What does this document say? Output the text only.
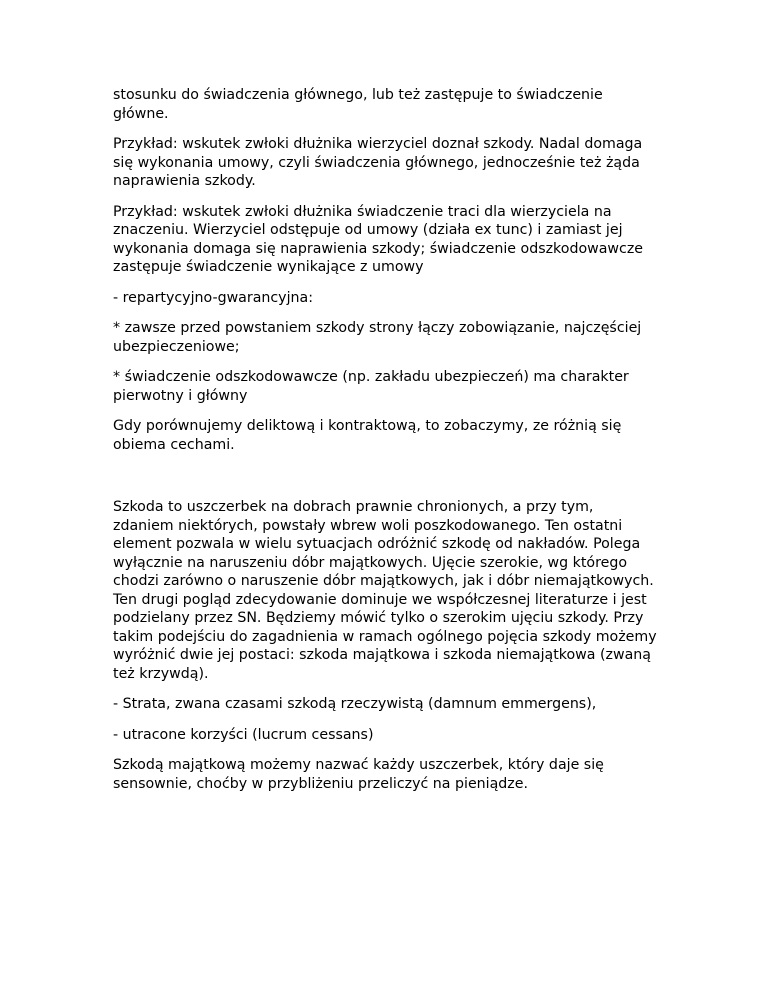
stosunku do świadczenia głównego, lub też zastępuje to świadczenie główne.

Przykład: wskutek zwłoki dłużnika wierzyciel doznał szkody. Nadal domaga się wykonania umowy, czyli świadczenia głównego, jednocześnie też żąda naprawienia szkody.

Przykład: wskutek zwłoki dłużnika świadczenie traci dla wierzyciela na znaczeniu. Wierzyciel odstępuje od umowy (działa ex tunc) i zamiast jej wykonania domaga się naprawienia szkody; świadczenie odszkodowawcze zastępuje świadczenie wynikające z umowy

- repartycyjno-gwarancyjna:

* zawsze przed powstaniem szkody strony łączy zobowiązanie, najczęściej ubezpieczeniowe;

* świadczenie odszkodowawcze (np. zakładu ubezpieczeń) ma charakter pierwotny i główny

Gdy porównujemy deliktową i kontraktową, to zobaczymy, ze różnią się obiema cechami.

Szkoda to uszczerbek na dobrach prawnie chronionych, a przy tym, zdaniem niektórych, powstały wbrew woli poszkodowanego. Ten ostatni element pozwala w wielu sytuacjach odróżnić szkodę od nakładów. Polega wyłącznie na naruszeniu dóbr majątkowych. Ujęcie szerokie, wg którego chodzi zarówno o naruszenie dóbr majątkowych, jak i dóbr niemajątkowych. Ten drugi pogląd zdecydowanie dominuje we współczesnej literaturze i jest podzielany przez SN. Będziemy mówić tylko o szerokim ujęciu szkody. Przy takim podejściu do zagadnienia w ramach ogólnego pojęcia szkody możemy wyróżnić dwie jej postaci: szkoda majątkowa i szkoda niemajątkowa (zwaną też krzywdą).

- Strata, zwana czasami szkodą rzeczywistą (damnum emmergens),

- utracone korzyści (lucrum cessans)

Szkodą majątkową możemy nazwać każdy uszczerbek, który daje się sensownie, choćby w przybliżeniu przeliczyć na pieniądze.
